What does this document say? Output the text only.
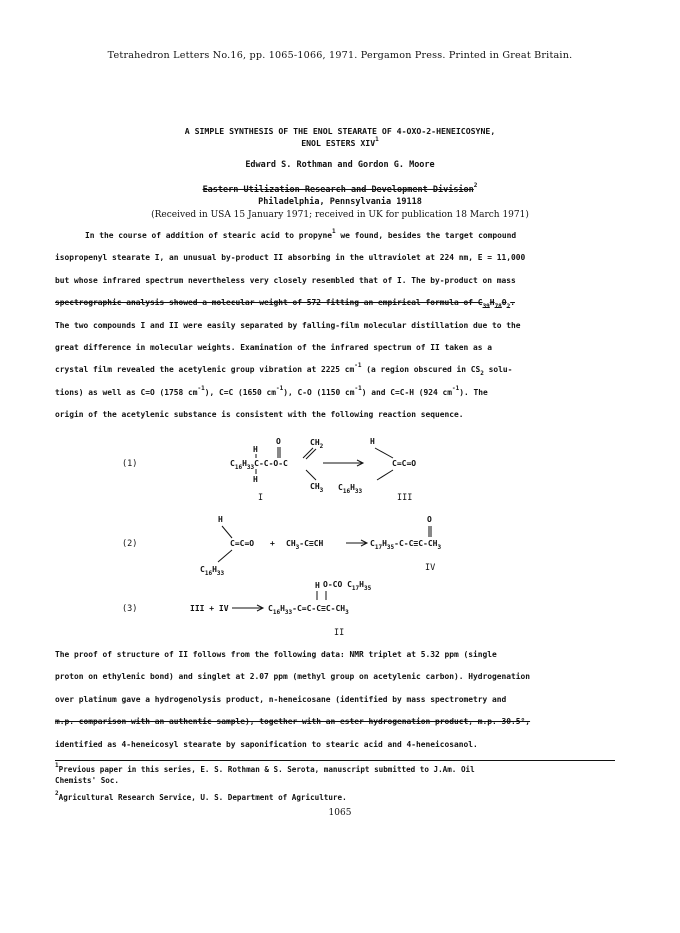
Tetrahedron Letters No.16, pp. 1065-1066, 1971. Pergamon Press. Printed in Great Britain.
A SIMPLE SYNTHESIS OF THE ENOL STEARATE OF 4-OXO-2-HENEICOSYNE,
ENOL ESTERS XIV$^1$
Edward S. Rothman and Gordon G. Moore
Eastern Utilization Research and Development Division$^2$
Philadelphia, Pennsylvania 19118
(Received in USA 15 January 1971; received in UK for publication 18 March 1971)
In the course of addition of stearic acid to propyne$^1$ we found, besides the target compound
isopropenyl stearate I, an unusual by-product II absorbing in the ultraviolet at 224 nm, E = 11,000
but whose infrared spectrum nevertheless very closely resembled that of I. The by-product on mass
spectrographic analysis showed a molecular weight of 572 fitting an empirical formula of $C_{39}H_{78}O_2$.
The two compounds I and II were easily separated by falling-film molecular distillation due to the
great difference in molecular weights. Examination of the infrared spectrum of II taken as a
crystal film revealed the acetylenic group vibration at 2225 $cm^{-1}$ (a region obscured in $CS_2$ solu-
tions) as well as C=O (1758 $cm^{-1}$), C=C (1650 $cm^{-1}$), C-O (1150 $cm^{-1}$) and C=C-H (924 $cm^{-1}$). The
origin of the acetylenic substance is consistent with the following reaction sequence.
(1)
O	$CH_2$
H
$C_{16}H_{33}C-C-O-C$
H
$CH_3$
I
H
C=C=O
$C_{16}H_{33}$
III
(2)
H
C=C=O
$C_{16}H_{33}$
+ $CH_3-C\equiv CH$
O
$C_{17}H_{35}-C-C\equiv C-CH_3$
IV
(3)	III + IV
H O-CO $C_{17}H_{35}$
$C_{16}H_{33}-C=C-C\equiv C-CH_3$
II
The proof of structure of II follows from the following data: NMR triplet at 5.32 ppm (single
proton on ethylenic bond) and singlet at 2.07 ppm (methyl group on acetylenic carbon). Hydrogenation
over platinum gave a hydrogenolysis product, n-heneicosane (identified by mass spectrometry and
m.p. comparison with an authentic sample), together with an ester hydrogenation product, m.p. 30.5°,
identified as 4-heneicosyl stearate by saponification to stearic acid and 4-heneicosanol.
$^1$Previous paper in this series, E. S. Rothman & S. Serota, manuscript submitted to J.Am. Oil
Chemists' Soc.
$^2$Agricultural Research Service, U. S. Department of Agriculture.
1065
